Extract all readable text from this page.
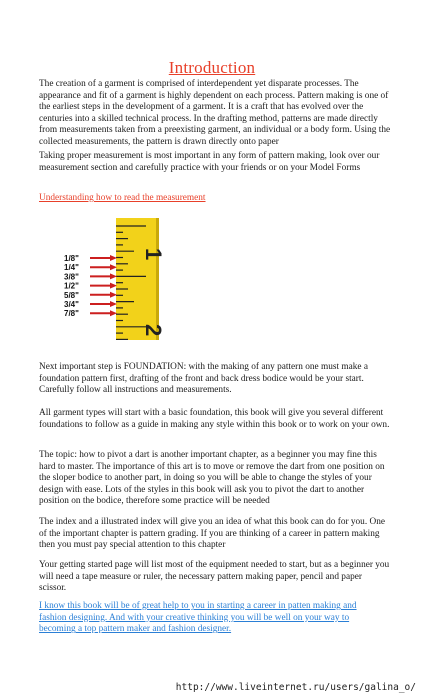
Introduction

The creation of a garment is comprised of interdependent yet disparate processes. The appearance and fit of a garment is highly dependent on each process. Pattern making is one of the earliest steps in the development of a garment. It is a craft that has evolved over the centuries into a skilled technical process. In the drafting method, patterns are made directly from measurements taken from a preexisting garment, an individual or a body form. Using the collected measurements, the pattern is drawn directly onto paper

Taking proper measurement is most important in any form of pattern making, look over our measurement section and carefully practice with your friends or on your Model Forms

Understanding how to read the measurement
1/8"
1/4"
3/8"
1/2"
5/8"
3/4"
7/8"
1
2

Next important step is FOUNDATION: with the making of any pattern one must make a foundation pattern first, drafting of the front and back dress bodice would be your start. Carefully follow all instructions and measurements.

All garment types will start with a basic foundation, this book will give you several different foundations to follow as a guide in making any style within this book or to work on your own.

The topic: how to pivot a dart is another important chapter, as a beginner you may fine this hard to master. The importance of this art is to move or remove the dart from one position on the sloper bodice to another part, in doing so you will be able to change the styles of your design with ease. Lots of the styles in this book will ask you to pivot the dart to another position on the bodice, therefore some practice will be needed

The index and a illustrated index will give you an idea of what this book can do for you. One of the important chapter is pattern grading. If you are thinking of a career in pattern making then you must pay special attention to this chapter

Your getting started page will list most of the equipment needed to start, but as a beginner you will need a tape measure or ruler, the necessary pattern making paper, pencil and paper scissor.

I know this book will be of great help to you in starting a career in patten making and fashion designing. And with your creative thinking you will be well on your way to becoming a top pattern maker and fashion designer.

http://www.liveinternet.ru/users/galina_o/
